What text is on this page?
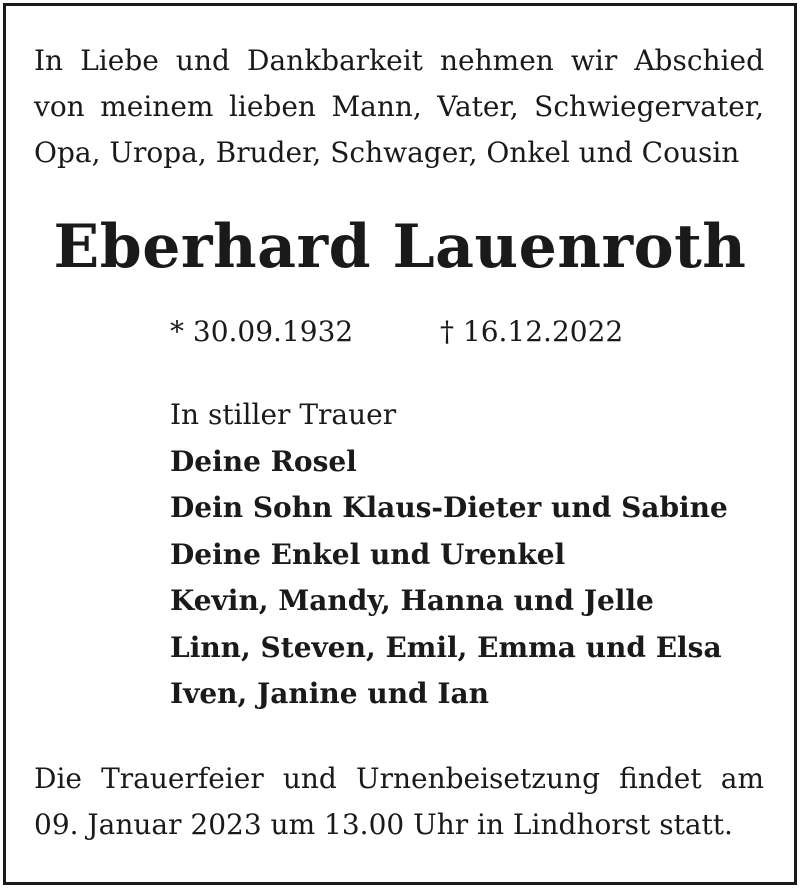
In Liebe und Dankbarkeit nehmen wir Abschied
von meinem lieben Mann, Vater, Schwiegervater,
Opa, Uropa, Bruder, Schwager, Onkel und Cousin
Eberhard Lauenroth
* 30.09.1932	† 16.12.2022
In stiller Trauer
Deine Rosel
Dein Sohn Klaus-Dieter und Sabine
Deine Enkel und Urenkel
Kevin, Mandy, Hanna und Jelle
Linn, Steven, Emil, Emma und Elsa
Iven, Janine und Ian
Die Trauerfeier und Urnenbeisetzung findet am
09. Januar 2023 um 13.00 Uhr in Lindhorst statt.
